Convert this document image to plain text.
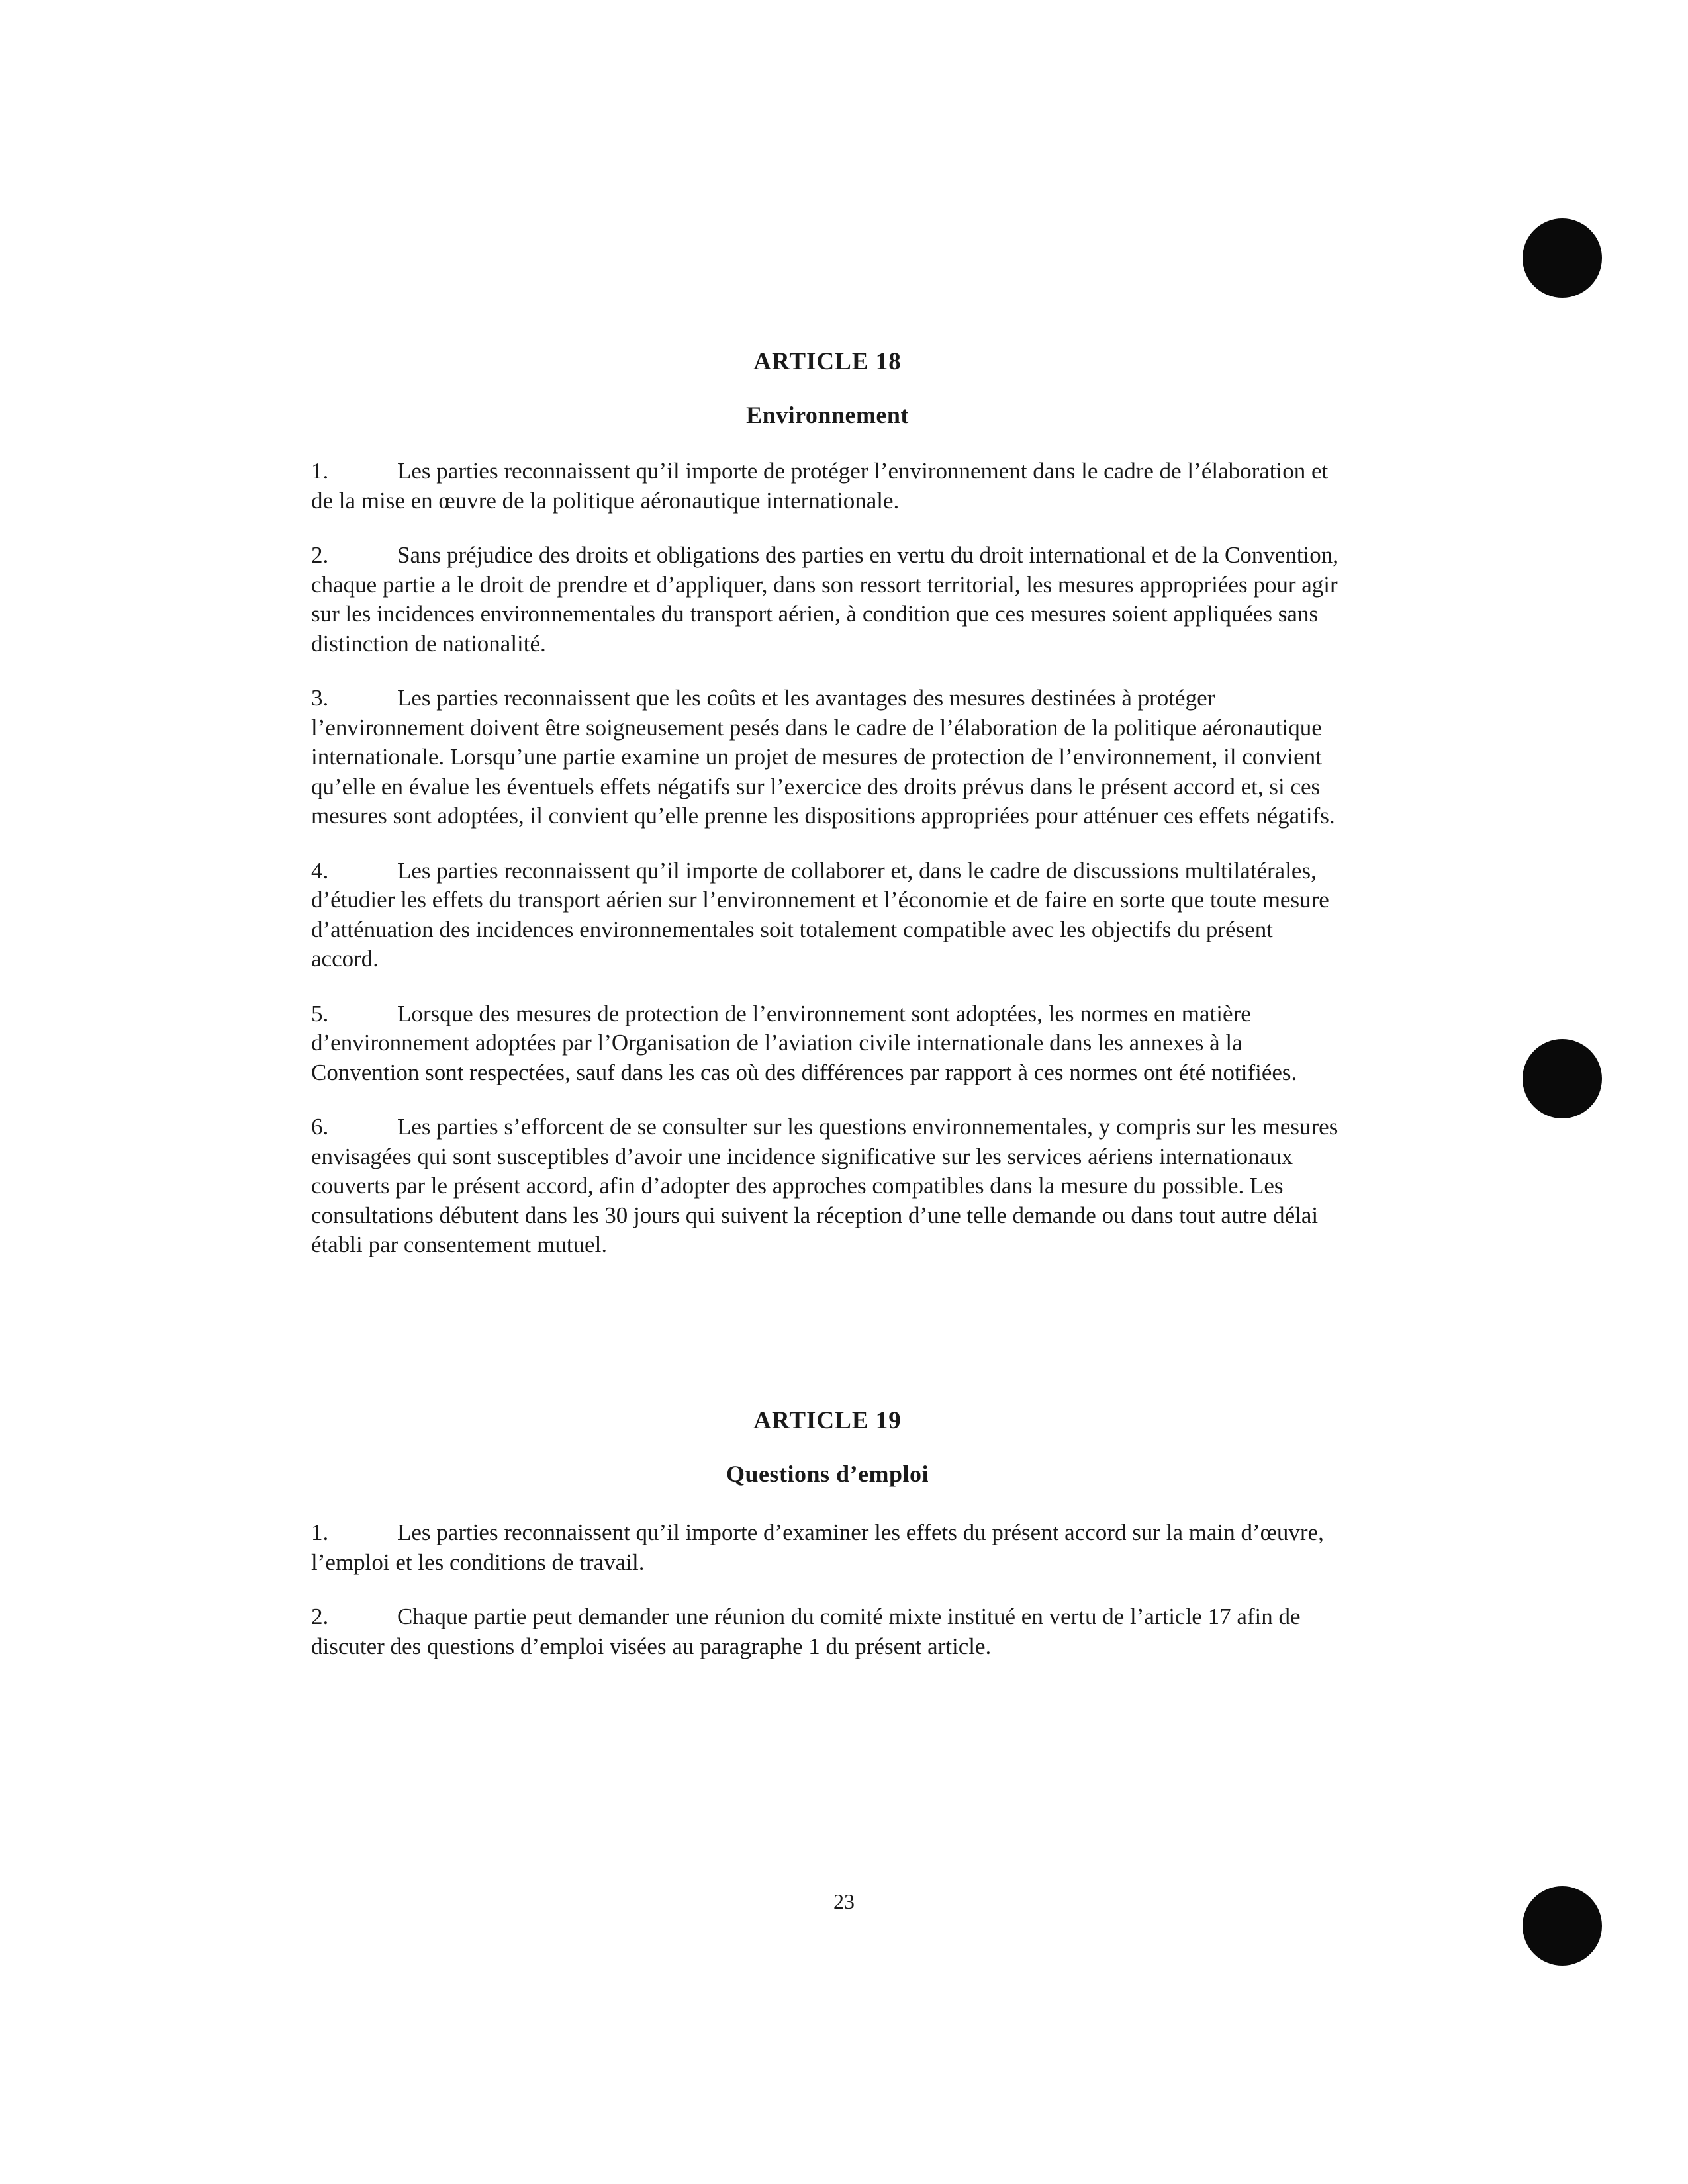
ARTICLE 18
Environnement

1.	Les parties reconnaissent qu’il importe de protéger l’environnement dans le cadre de l’élaboration et de la mise en œuvre de la politique aéronautique internationale.

2.	Sans préjudice des droits et obligations des parties en vertu du droit international et de la Convention, chaque partie a le droit de prendre et d’appliquer, dans son ressort territorial, les mesures appropriées pour agir sur les incidences environnementales du transport aérien, à condition que ces mesures soient appliquées sans distinction de nationalité.

3.	Les parties reconnaissent que les coûts et les avantages des mesures destinées à protéger l’environnement doivent être soigneusement pesés dans le cadre de l’élaboration de la politique aéronautique internationale. Lorsqu’une partie examine un projet de mesures de protection de l’environnement, il convient qu’elle en évalue les éventuels effets négatifs sur l’exercice des droits prévus dans le présent accord et, si ces mesures sont adoptées, il convient qu’elle prenne les dispositions appropriées pour atténuer ces effets négatifs.

4.	Les parties reconnaissent qu’il importe de collaborer et, dans le cadre de discussions multilatérales, d’étudier les effets du transport aérien sur l’environnement et l’économie et de faire en sorte que toute mesure d’atténuation des incidences environnementales soit totalement compatible avec les objectifs du présent accord.

5.	Lorsque des mesures de protection de l’environnement sont adoptées, les normes en matière d’environnement adoptées par l’Organisation de l’aviation civile internationale dans les annexes à la Convention sont respectées, sauf dans les cas où des différences par rapport à ces normes ont été notifiées.

6.	Les parties s’efforcent de se consulter sur les questions environnementales, y compris sur les mesures envisagées qui sont susceptibles d’avoir une incidence significative sur les services aériens internationaux couverts par le présent accord, afin d’adopter des approches compatibles dans la mesure du possible. Les consultations débutent dans les 30 jours qui suivent la réception d’une telle demande ou dans tout autre délai établi par consentement mutuel.

ARTICLE 19
Questions d’emploi

1.	Les parties reconnaissent qu’il importe d’examiner les effets du présent accord sur la main d’œuvre, l’emploi et les conditions de travail.

2.	Chaque partie peut demander une réunion du comité mixte institué en vertu de l’article 17 afin de discuter des questions d’emploi visées au paragraphe 1 du présent article.

23
